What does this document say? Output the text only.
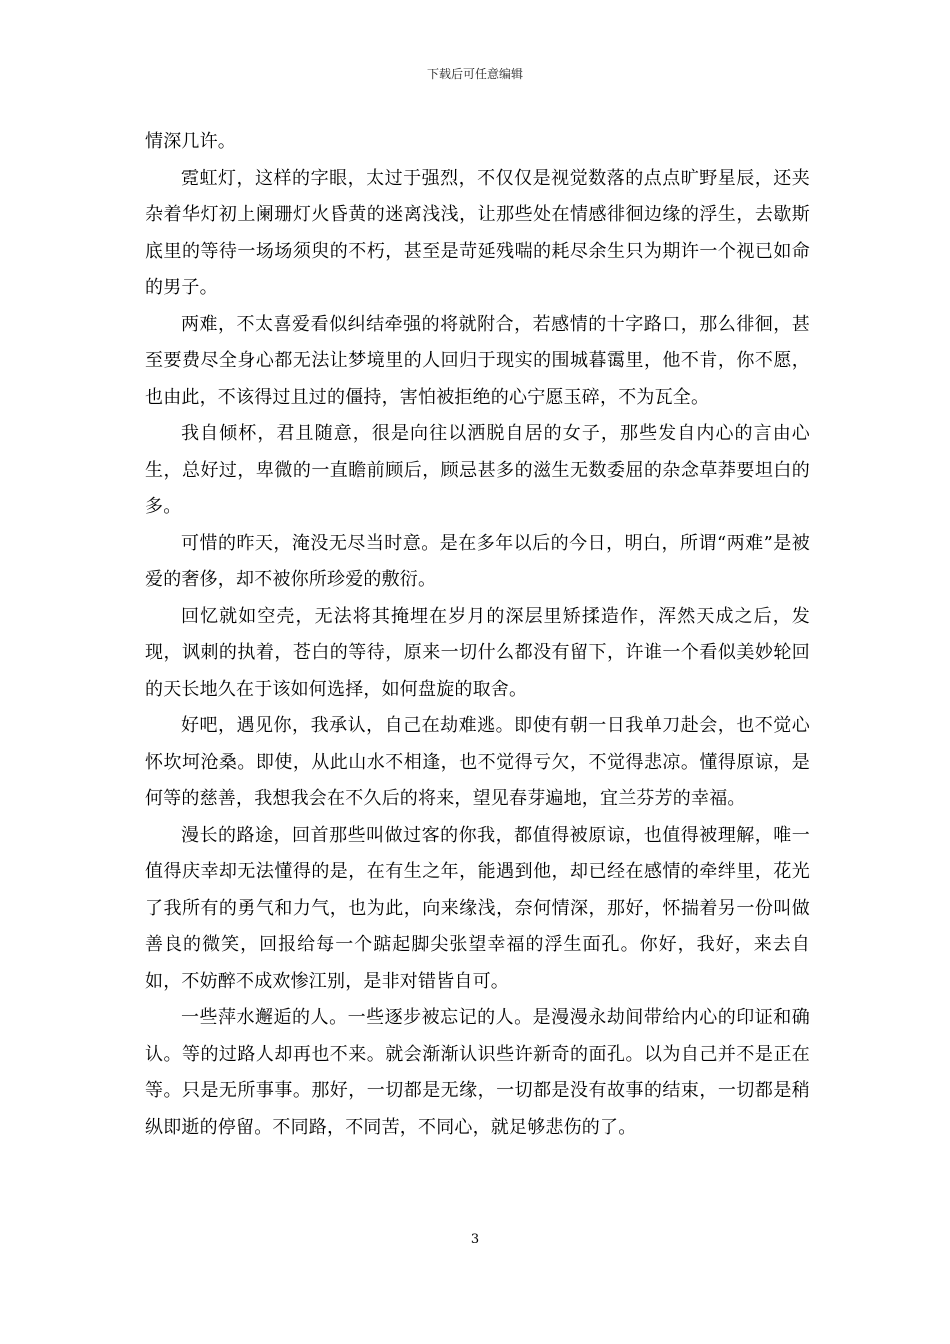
下载后可任意编辑

情深几许。

霓虹灯，这样的字眼，太过于强烈，不仅仅是视觉数落的点点旷野星辰，还夹杂着华灯初上阑珊灯火昏黄的迷离浅浅，让那些处在情感徘徊边缘的浮生，去歇斯底里的等待一场场须臾的不朽，甚至是苛延残喘的耗尽余生只为期许一个视已如命的男子。

两难，不太喜爱看似纠结牵强的将就附合，若感情的十字路口，那么徘徊，甚至要费尽全身心都无法让梦境里的人回归于现实的围城暮霭里，他不肯，你不愿，也由此，不该得过且过的僵持，害怕被拒绝的心宁愿玉碎，不为瓦全。

我自倾杯，君且随意，很是向往以洒脱自居的女子，那些发自内心的言由心生，总好过，卑微的一直瞻前顾后，顾忌甚多的滋生无数委屈的杂念草莽要坦白的多。

可惜的昨天，淹没无尽当时意。是在多年以后的今日，明白，所谓“两难”是被爱的奢侈，却不被你所珍爱的敷衍。

回忆就如空壳，无法将其掩埋在岁月的深层里矫揉造作，浑然天成之后，发现，讽刺的执着，苍白的等待，原来一切什么都没有留下，许谁一个看似美妙轮回的天长地久在于该如何选择，如何盘旋的取舍。

好吧，遇见你，我承认，自己在劫难逃。即使有朝一日我单刀赴会，也不觉心怀坎坷沧桑。即使，从此山水不相逢，也不觉得亏欠，不觉得悲凉。懂得原谅，是何等的慈善，我想我会在不久后的将来，望见春芽遍地，宜兰芬芳的幸福。

漫长的路途，回首那些叫做过客的你我，都值得被原谅，也值得被理解，唯一值得庆幸却无法懂得的是，在有生之年，能遇到他，却已经在感情的牵绊里，花光了我所有的勇气和力气，也为此，向来缘浅，奈何情深，那好，怀揣着另一份叫做善良的微笑，回报给每一个踮起脚尖张望幸福的浮生面孔。你好，我好，来去自如，不妨醉不成欢惨江别，是非对错皆自可。

一些萍水邂逅的人。一些逐步被忘记的人。是漫漫永劫间带给内心的印证和确认。等的过路人却再也不来。就会渐渐认识些许新奇的面孔。以为自己并不是正在等。只是无所事事。那好，一切都是无缘，一切都是没有故事的结束，一切都是稍纵即逝的停留。不同路，不同苦，不同心，就足够悲伤的了。

3
